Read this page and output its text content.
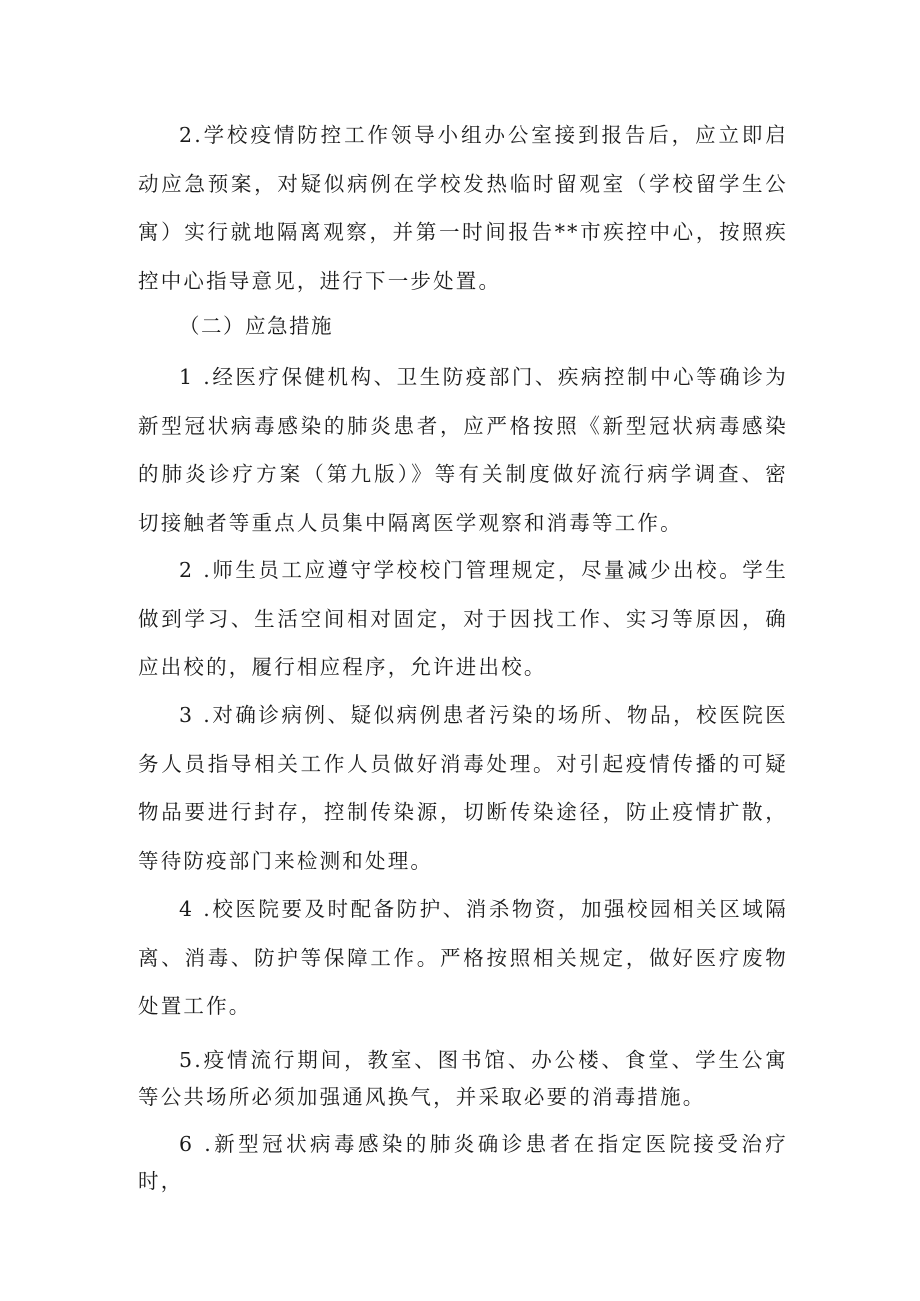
2.学校疫情防控工作领导小组办公室接到报告后，应立即启 动应急预案，对疑似病例在学校发热临时留观室（学校留学生公 寓）实行就地隔离观察，并第一时间报告**市疾控中心，按照疾 控中心指导意见，进行下一步处置。

（二）应急措施

1 .经医疗保健机构、卫生防疫部门、疾病控制中心等确诊为 新型冠状病毒感染的肺炎患者，应严格按照《新型冠状病毒感染 的肺炎诊疗方案（第九版）》等有关制度做好流行病学调查、密 切接触者等重点人员集中隔离医学观察和消毒等工作。

2 .师生员工应遵守学校校门管理规定，尽量减少出校。学生 做到学习、生活空间相对固定，对于因找工作、实习等原因，确 应出校的，履行相应程序，允许进出校。

3 .对确诊病例、疑似病例患者污染的场所、物品，校医院医 务人员指导相关工作人员做好消毒处理。对引起疫情传播的可疑 物品要进行封存，控制传染源，切断传染途径，防止疫情扩散，等待防疫部门来检测和处理。

4 .校医院要及时配备防护、消杀物资，加强校园相关区域隔 离、消毒、防护等保障工作。严格按照相关规定，做好医疗废物 处置工作。

5.疫情流行期间，教室、图书馆、办公楼、食堂、学生公寓 等公共场所必须加强通风换气，并采取必要的消毒措施。

6 .新型冠状病毒感染的肺炎确诊患者在指定医院接受治疗 时，
